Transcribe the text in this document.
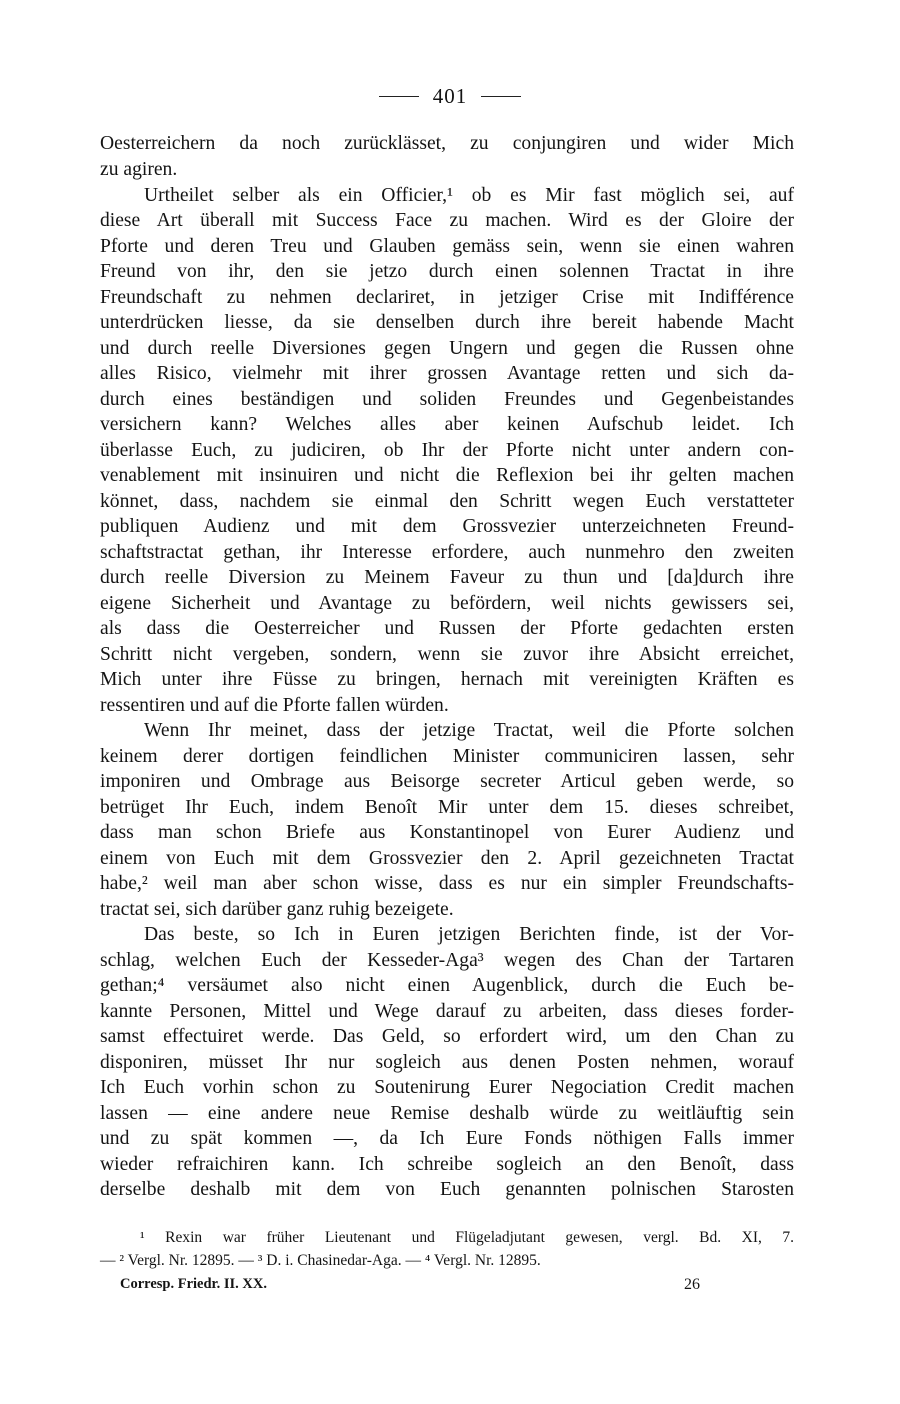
401
Oesterreichern da noch zurücklässet, zu conjungiren und wider Mich
zu agiren.
Urtheilet selber als ein Officier,¹ ob es Mir fast möglich sei, auf
diese Art überall mit Success Face zu machen. Wird es der Gloire der
Pforte und deren Treu und Glauben gemäss sein, wenn sie einen wahren
Freund von ihr, den sie jetzo durch einen solennen Tractat in ihre
Freundschaft zu nehmen declariret, in jetziger Crise mit Indifférence
unterdrücken liesse, da sie denselben durch ihre bereit habende Macht
und durch reelle Diversiones gegen Ungern und gegen die Russen ohne
alles Risico, vielmehr mit ihrer grossen Avantage retten und sich da-
durch eines beständigen und soliden Freundes und Gegenbeistandes
versichern kann? Welches alles aber keinen Aufschub leidet. Ich
überlasse Euch, zu judiciren, ob Ihr der Pforte nicht unter andern con-
venablement mit insinuiren und nicht die Reflexion bei ihr gelten machen
könnet, dass, nachdem sie einmal den Schritt wegen Euch verstatteter
publiquen Audienz und mit dem Grossvezier unterzeichneten Freund-
schaftstractat gethan, ihr Interesse erfordere, auch nunmehro den zweiten
durch reelle Diversion zu Meinem Faveur zu thun und [da]durch ihre
eigene Sicherheit und Avantage zu befördern, weil nichts gewissers sei,
als dass die Oesterreicher und Russen der Pforte gedachten ersten
Schritt nicht vergeben, sondern, wenn sie zuvor ihre Absicht erreichet,
Mich unter ihre Füsse zu bringen, hernach mit vereinigten Kräften es
ressentiren und auf die Pforte fallen würden.
Wenn Ihr meinet, dass der jetzige Tractat, weil die Pforte solchen
keinem derer dortigen feindlichen Minister communiciren lassen, sehr
imponiren und Ombrage aus Beisorge secreter Articul geben werde, so
betrüget Ihr Euch, indem Benoît Mir unter dem 15. dieses schreibet,
dass man schon Briefe aus Konstantinopel von Eurer Audienz und
einem von Euch mit dem Grossvezier den 2. April gezeichneten Tractat
habe,² weil man aber schon wisse, dass es nur ein simpler Freundschafts-
tractat sei, sich darüber ganz ruhig bezeigete.
Das beste, so Ich in Euren jetzigen Berichten finde, ist der Vor-
schlag, welchen Euch der Kesseder-Aga³ wegen des Chan der Tartaren
gethan;⁴ versäumet also nicht einen Augenblick, durch die Euch be-
kannte Personen, Mittel und Wege darauf zu arbeiten, dass dieses forder-
samst effectuiret werde. Das Geld, so erfordert wird, um den Chan zu
disponiren, müsset Ihr nur sogleich aus denen Posten nehmen, worauf
Ich Euch vorhin schon zu Soutenirung Eurer Negociation Credit machen
lassen — eine andere neue Remise deshalb würde zu weitläuftig sein
und zu spät kommen —, da Ich Eure Fonds nöthigen Falls immer
wieder refraichiren kann. Ich schreibe sogleich an den Benoît, dass
derselbe deshalb mit dem von Euch genannten polnischen Starosten
¹ Rexin war früher Lieutenant und Flügeladjutant gewesen, vergl. Bd. XI, 7.
— ² Vergl. Nr. 12895. — ³ D. i. Chasinedar-Aga. — ⁴ Vergl. Nr. 12895.
Corresp. Friedr. II. XX.	26
